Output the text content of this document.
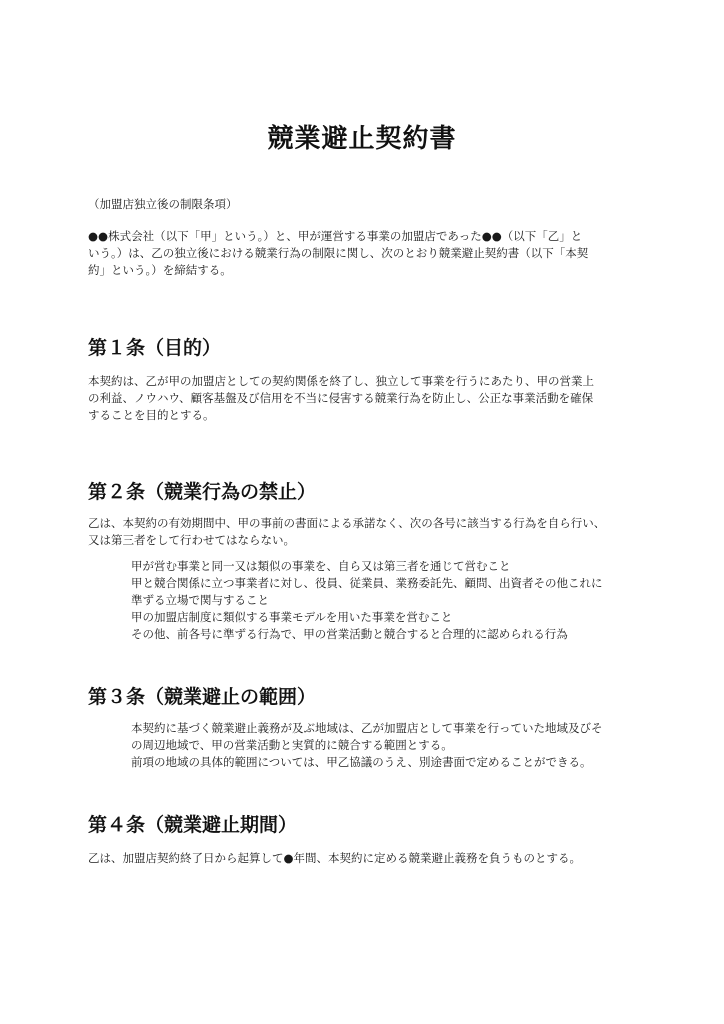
競業避止契約書
（加盟店独立後の制限条項）
●●株式会社（以下「甲」という。）と、甲が運営する事業の加盟店であった●●（以下「乙」と
いう。）は、乙の独立後における競業行為の制限に関し、次のとおり競業避止契約書（以下「本契
約」という。）を締結する。
第１条（目的）
本契約は、乙が甲の加盟店としての契約関係を終了し、独立して事業を行うにあたり、甲の営業上
の利益、ノウハウ、顧客基盤及び信用を不当に侵害する競業行為を防止し、公正な事業活動を確保
することを目的とする。
第２条（競業行為の禁止）
乙は、本契約の有効期間中、甲の事前の書面による承諾なく、次の各号に該当する行為を自ら行い、
又は第三者をして行わせてはならない。
甲が営む事業と同一又は類似の事業を、自ら又は第三者を通じて営むこと
甲と競合関係に立つ事業者に対し、役員、従業員、業務委託先、顧問、出資者その他これに
準ずる立場で関与すること
甲の加盟店制度に類似する事業モデルを用いた事業を営むこと
その他、前各号に準ずる行為で、甲の営業活動と競合すると合理的に認められる行為
第３条（競業避止の範囲）
本契約に基づく競業避止義務が及ぶ地域は、乙が加盟店として事業を行っていた地域及びそ
の周辺地域で、甲の営業活動と実質的に競合する範囲とする。
前項の地域の具体的範囲については、甲乙協議のうえ、別途書面で定めることができる。
第４条（競業避止期間）
乙は、加盟店契約終了日から起算して●年間、本契約に定める競業避止義務を負うものとする。
